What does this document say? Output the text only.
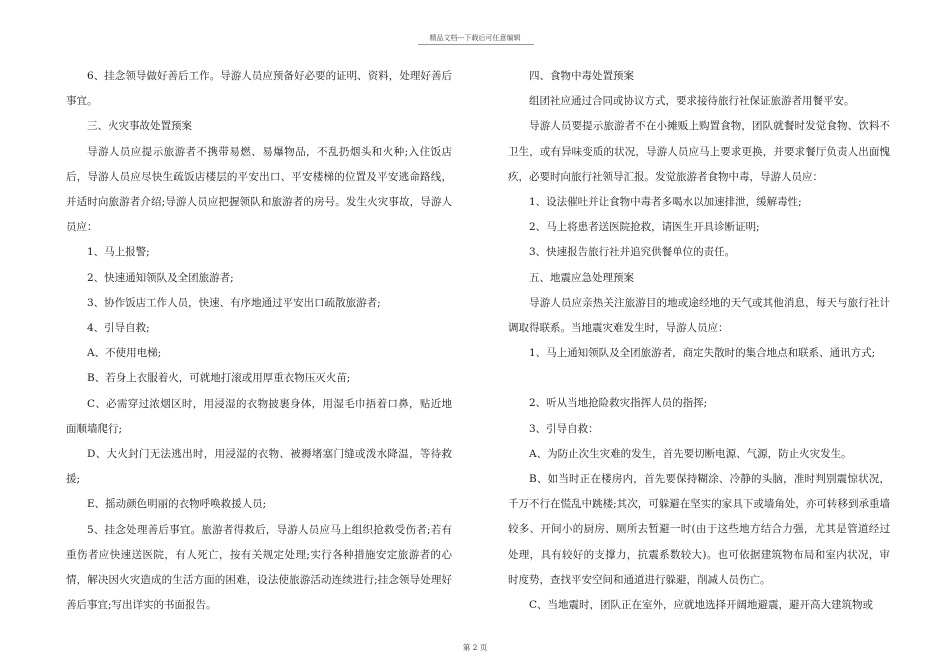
精品文档---下载后可任意编辑

6、挂念领导做好善后工作。导游人员应预备好必要的证明、资料，处理好善后事宜。

三、火灾事故处置预案

导游人员应提示旅游者不携带易燃、易爆物品，不乱扔烟头和火种;入住饭店后，导游人员应尽快生疏饭店楼层的平安出口、平安楼梯的位置及平安逃命路线，并适时向旅游者介绍;导游人员应把握领队和旅游者的房号。发生火灾事故，导游人员应：

1、马上报警;

2、快速通知领队及全团旅游者;

3、协作饭店工作人员，快速、有序地通过平安出口疏散旅游者;

4、引导自救;

A、不使用电梯;

B、若身上衣服着火，可就地打滚或用厚重衣物压灭火苗;

C、必需穿过浓烟区时，用浸湿的衣物披裹身体，用湿毛巾捂着口鼻，贴近地面顺墙爬行;

D、大火封门无法逃出时，用浸湿的衣物、被褥堵塞门缝或泼水降温，等待救援;

E、摇动颜色明丽的衣物呼唤救援人员;

5、挂念处理善后事宜。旅游者得救后，导游人员应马上组织抢救受伤者;若有重伤者应快速送医院，有人死亡，按有关规定处理;实行各种措施安定旅游者的心情，解决因火灾造成的生活方面的困难，设法使旅游活动连续进行;挂念领导处理好善后事宜;写出详实的书面报告。

四、食物中毒处置预案

组团社应通过合同或协议方式，要求接待旅行社保证旅游者用餐平安。

导游人员要提示旅游者不在小摊贩上购置食物，团队就餐时发觉食物、饮料不卫生，或有异味变质的状况，导游人员应马上要求更换，并要求餐厅负责人出面愧疚，必要时向旅行社领导汇报。发觉旅游者食物中毒，导游人员应：

1、设法催吐并让食物中毒者多喝水以加速排泄，缓解毒性;

2、马上将患者送医院抢救，请医生开具诊断证明;

3、快速报告旅行社并追究供餐单位的责任。

五、地震应急处理预案

导游人员应亲热关注旅游目的地或途经地的天气或其他消息，每天与旅行社计调取得联系。当地震灾难发生时，导游人员应：

1、马上通知领队及全团旅游者，商定失散时的集合地点和联系、通讯方式;

2、听从当地抢险救灾指挥人员的指挥;

3、引导自救：

A、为防止次生灾难的发生，首先要切断电源、气源，防止火灾发生。

B、如当时正在楼房内，首先要保持糊涂、冷静的头脑，准时判别震惊状况，千万不行在慌乱中跳楼;其次，可躲避在坚实的家具下或墙角处，亦可转移到承重墙较多、开间小的厨房、厕所去暂避一时(由于这些地方结合力强，尤其是管道经过处理，具有较好的支撑力，抗震系数较大)。也可依据建筑物布局和室内状况，审时度势，查找平安空间和通道进行躲避，削减人员伤亡。

C、当地震时，团队正在室外，应就地选择开阔地避震，避开高大建筑物或

第 2 页
